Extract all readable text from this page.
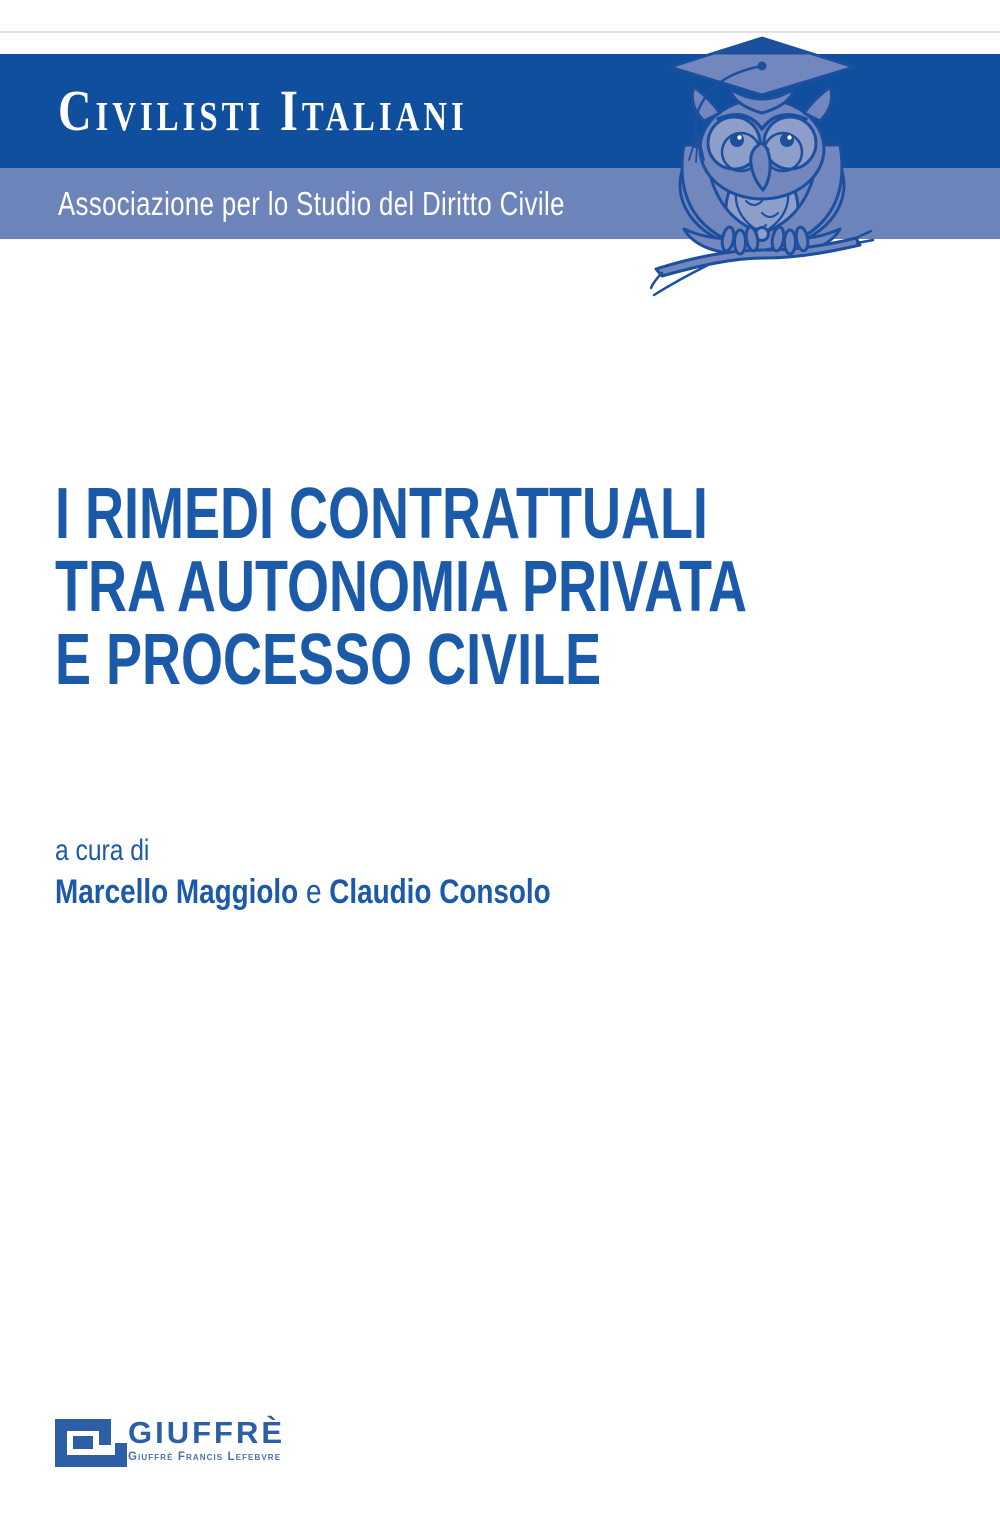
Civilisti Italiani
Associazione per lo Studio del Diritto Civile
I RIMEDI CONTRATTUALI
TRA AUTONOMIA PRIVATA
E PROCESSO CIVILE
a cura di
Marcello Maggiolo e Claudio Consolo
GIUFFRÈ
Giuffrè Francis Lefebvre
